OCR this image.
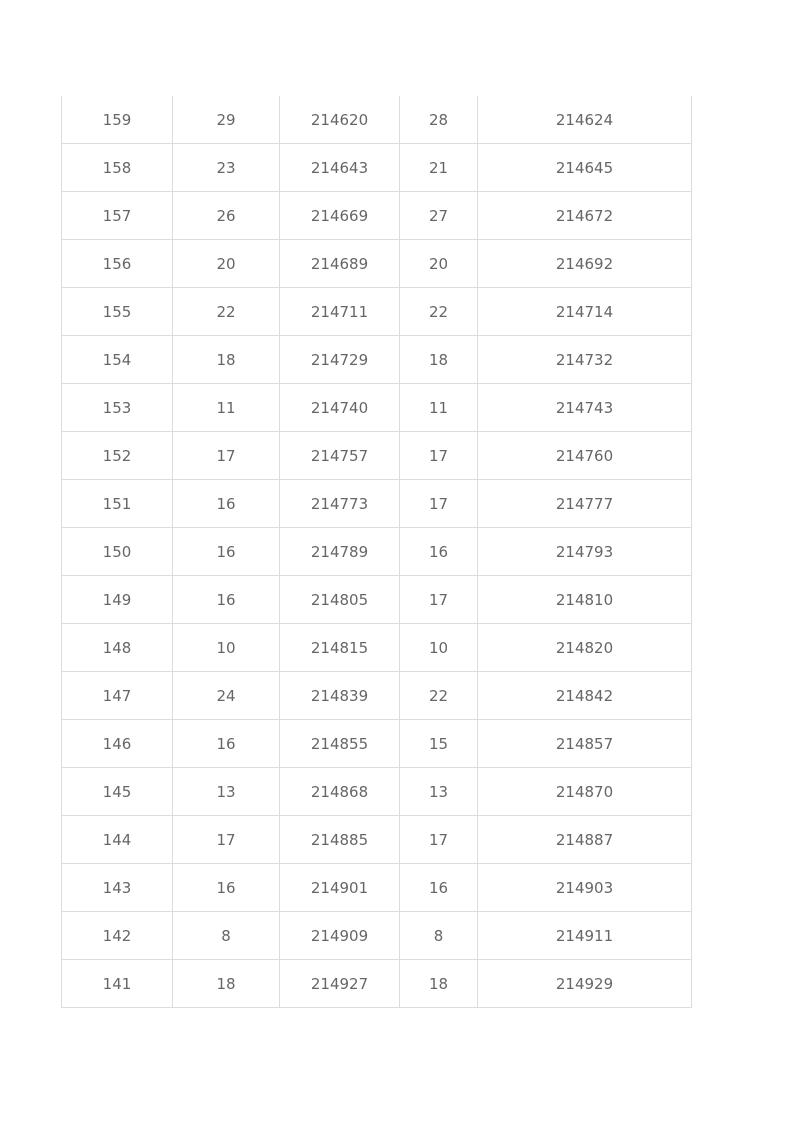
159	29	214620	28	214624
158	23	214643	21	214645
157	26	214669	27	214672
156	20	214689	20	214692
155	22	214711	22	214714
154	18	214729	18	214732
153	11	214740	11	214743
152	17	214757	17	214760
151	16	214773	17	214777
150	16	214789	16	214793
149	16	214805	17	214810
148	10	214815	10	214820
147	24	214839	22	214842
146	16	214855	15	214857
145	13	214868	13	214870
144	17	214885	17	214887
143	16	214901	16	214903
142	8	214909	8	214911
141	18	214927	18	214929
